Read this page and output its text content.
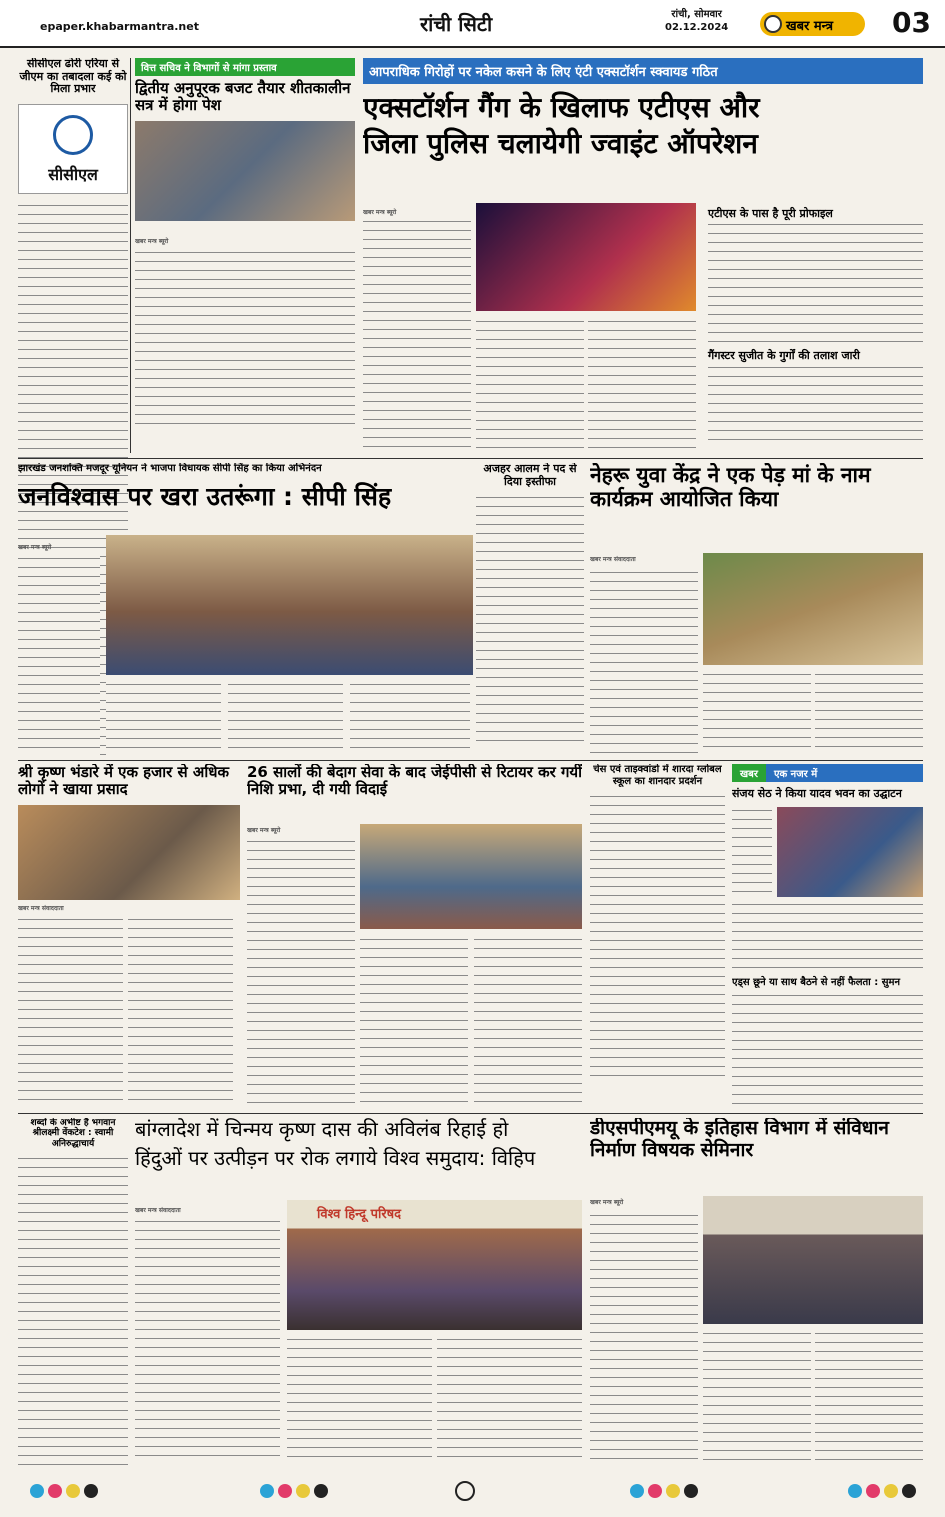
epaper.khabarmantra.net	रांची सिटी	रांची, सोमवार
02.12.2024	खबर मन्त्र	03
सीसीएल ढोरी एरिया से जीएम का तबादला कई को मिला प्रभार
सीसीएल
वित्त सचिव ने विभागों से मांगा प्रस्ताव
द्वितीय अनुपूरक बजट तैयार शीतकालीन सत्र में होगा पेश
खबर मन्त्र ब्यूरो
आपराधिक गिरोहों पर नकेल कसने के लिए एंटी एक्सटॉर्शन स्क्वायड गठित
एक्सटॉर्शन गैंग के खिलाफ एटीएस और
जिला पुलिस चलायेगी ज्वाइंट ऑपरेशन
खबर मन्त्र ब्यूरो	एटीएस के पास है पूरी प्रोफाइल
गैंगस्टर सुजीत के गुर्गों की तलाश जारी
झारखंड जनशक्ति मजदूर यूनियन ने भाजपा विधायक सीपी सिंह का किया अभिनंदन
जनविश्वास पर खरा उतरूंगा : सीपी सिंह
खबर मन्त्र ब्यूरो
अजहर आलम ने पद से दिया इस्तीफा	नेहरू युवा केंद्र ने एक पेड़ मां के नाम कार्यक्रम आयोजित किया
खबर मन्त्र संवाददाता
श्री कृष्ण भंडारे में एक हजार से अधिक लोगों ने खाया प्रसाद
खबर मन्त्र संवाददाता
26 सालों की बेदाग सेवा के बाद जेईपीसी से रिटायर कर गयीं निशि प्रभा, दी गयी विदाई
खबर मन्त्र ब्यूरो
चेस एवं ताइक्वांडो में शारदा ग्लोबल स्कूल का शानदार प्रदर्शन
खबर	एक नजर में
संजय सेठ ने किया यादव भवन का उद्घाटन
एड्स छूने या साथ बैठने से नहीं फैलता : सुमन
शब्दों के अभीष्ट हैं भगवान श्रीलक्ष्मी वेंकटेश : स्वामी अनिरुद्धाचार्य
बांग्लादेश में चिन्मय कृष्ण दास की अविलंब रिहाई हो
हिंदुओं पर उत्पीड़न पर रोक लगाये विश्व समुदाय: विहिप
खबर मन्त्र संवाददाता	विश्व हिन्दू परिषद
डीएसपीएमयू के इतिहास विभाग में संविधान निर्माण विषयक सेमिनार
खबर मन्त्र ब्यूरो
